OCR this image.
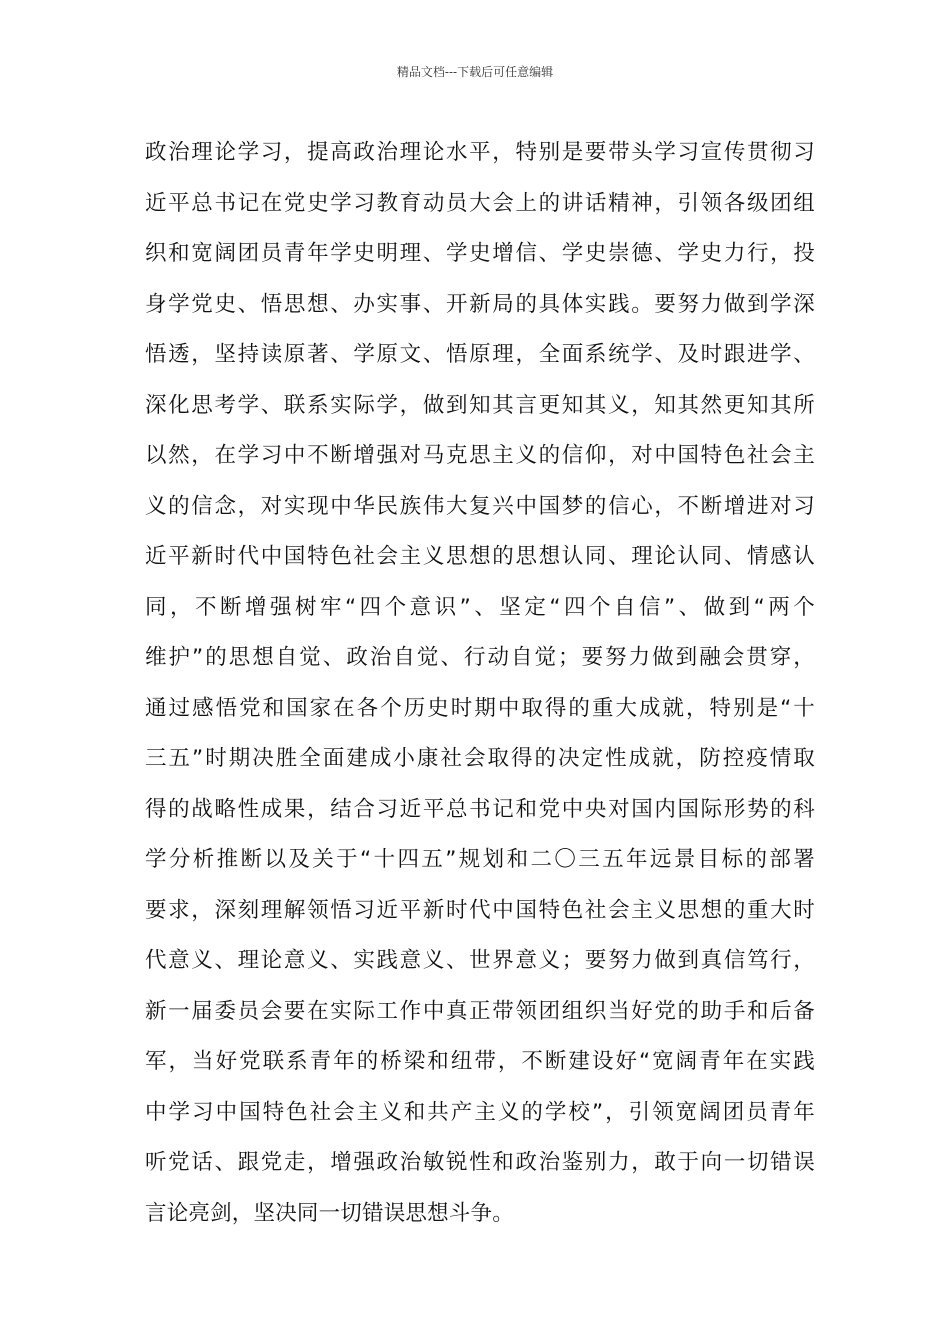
精品文档---下载后可任意编辑
政治理论学习，提高政治理论水平，特别是要带头学习宣传贯彻习
近平总书记在党史学习教育动员大会上的讲话精神，引领各级团组
织和宽阔团员青年学史明理、学史增信、学史崇德、学史力行，投
身学党史、悟思想、办实事、开新局的具体实践。要努力做到学深
悟透，坚持读原著、学原文、悟原理，全面系统学、及时跟进学、
深化思考学、联系实际学，做到知其言更知其义，知其然更知其所
以然，在学习中不断增强对马克思主义的信仰，对中国特色社会主
义的信念，对实现中华民族伟大复兴中国梦的信心，不断增进对习
近平新时代中国特色社会主义思想的思想认同、理论认同、情感认
同，不断增强树牢“四个意识”、坚定“四个自信”、做到“两个
维护”的思想自觉、政治自觉、行动自觉；要努力做到融会贯穿，
通过感悟党和国家在各个历史时期中取得的重大成就，特别是“十
三五”时期决胜全面建成小康社会取得的决定性成就，防控疫情取
得的战略性成果，结合习近平总书记和党中央对国内国际形势的科
学分析推断以及关于“十四五”规划和二〇三五年远景目标的部署
要求，深刻理解领悟习近平新时代中国特色社会主义思想的重大时
代意义、理论意义、实践意义、世界意义；要努力做到真信笃行，
新一届委员会要在实际工作中真正带领团组织当好党的助手和后备
军，当好党联系青年的桥梁和纽带，不断建设好“宽阔青年在实践
中学习中国特色社会主义和共产主义的学校”，引领宽阔团员青年
听党话、跟党走，增强政治敏锐性和政治鉴别力，敢于向一切错误
言论亮剑，坚决同一切错误思想斗争。
